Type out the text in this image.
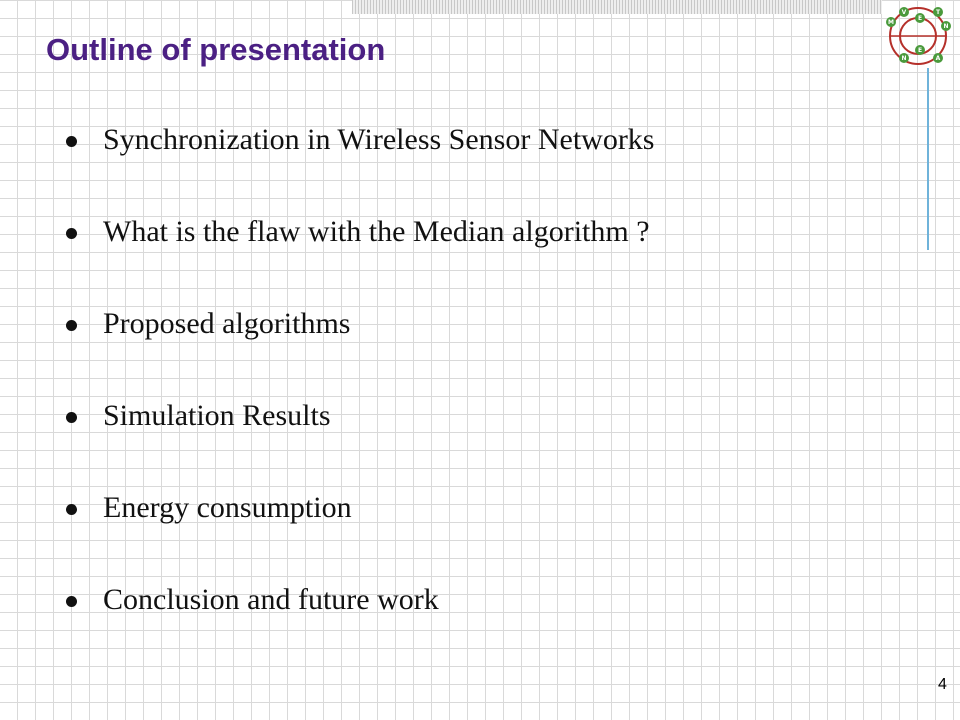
Outline of presentation
M
V
E
T
N
E
N	A
Synchronization in Wireless Sensor Networks
What is the flaw with the Median algorithm ?
Proposed algorithms
Simulation Results
Energy consumption
Conclusion and future work
4
